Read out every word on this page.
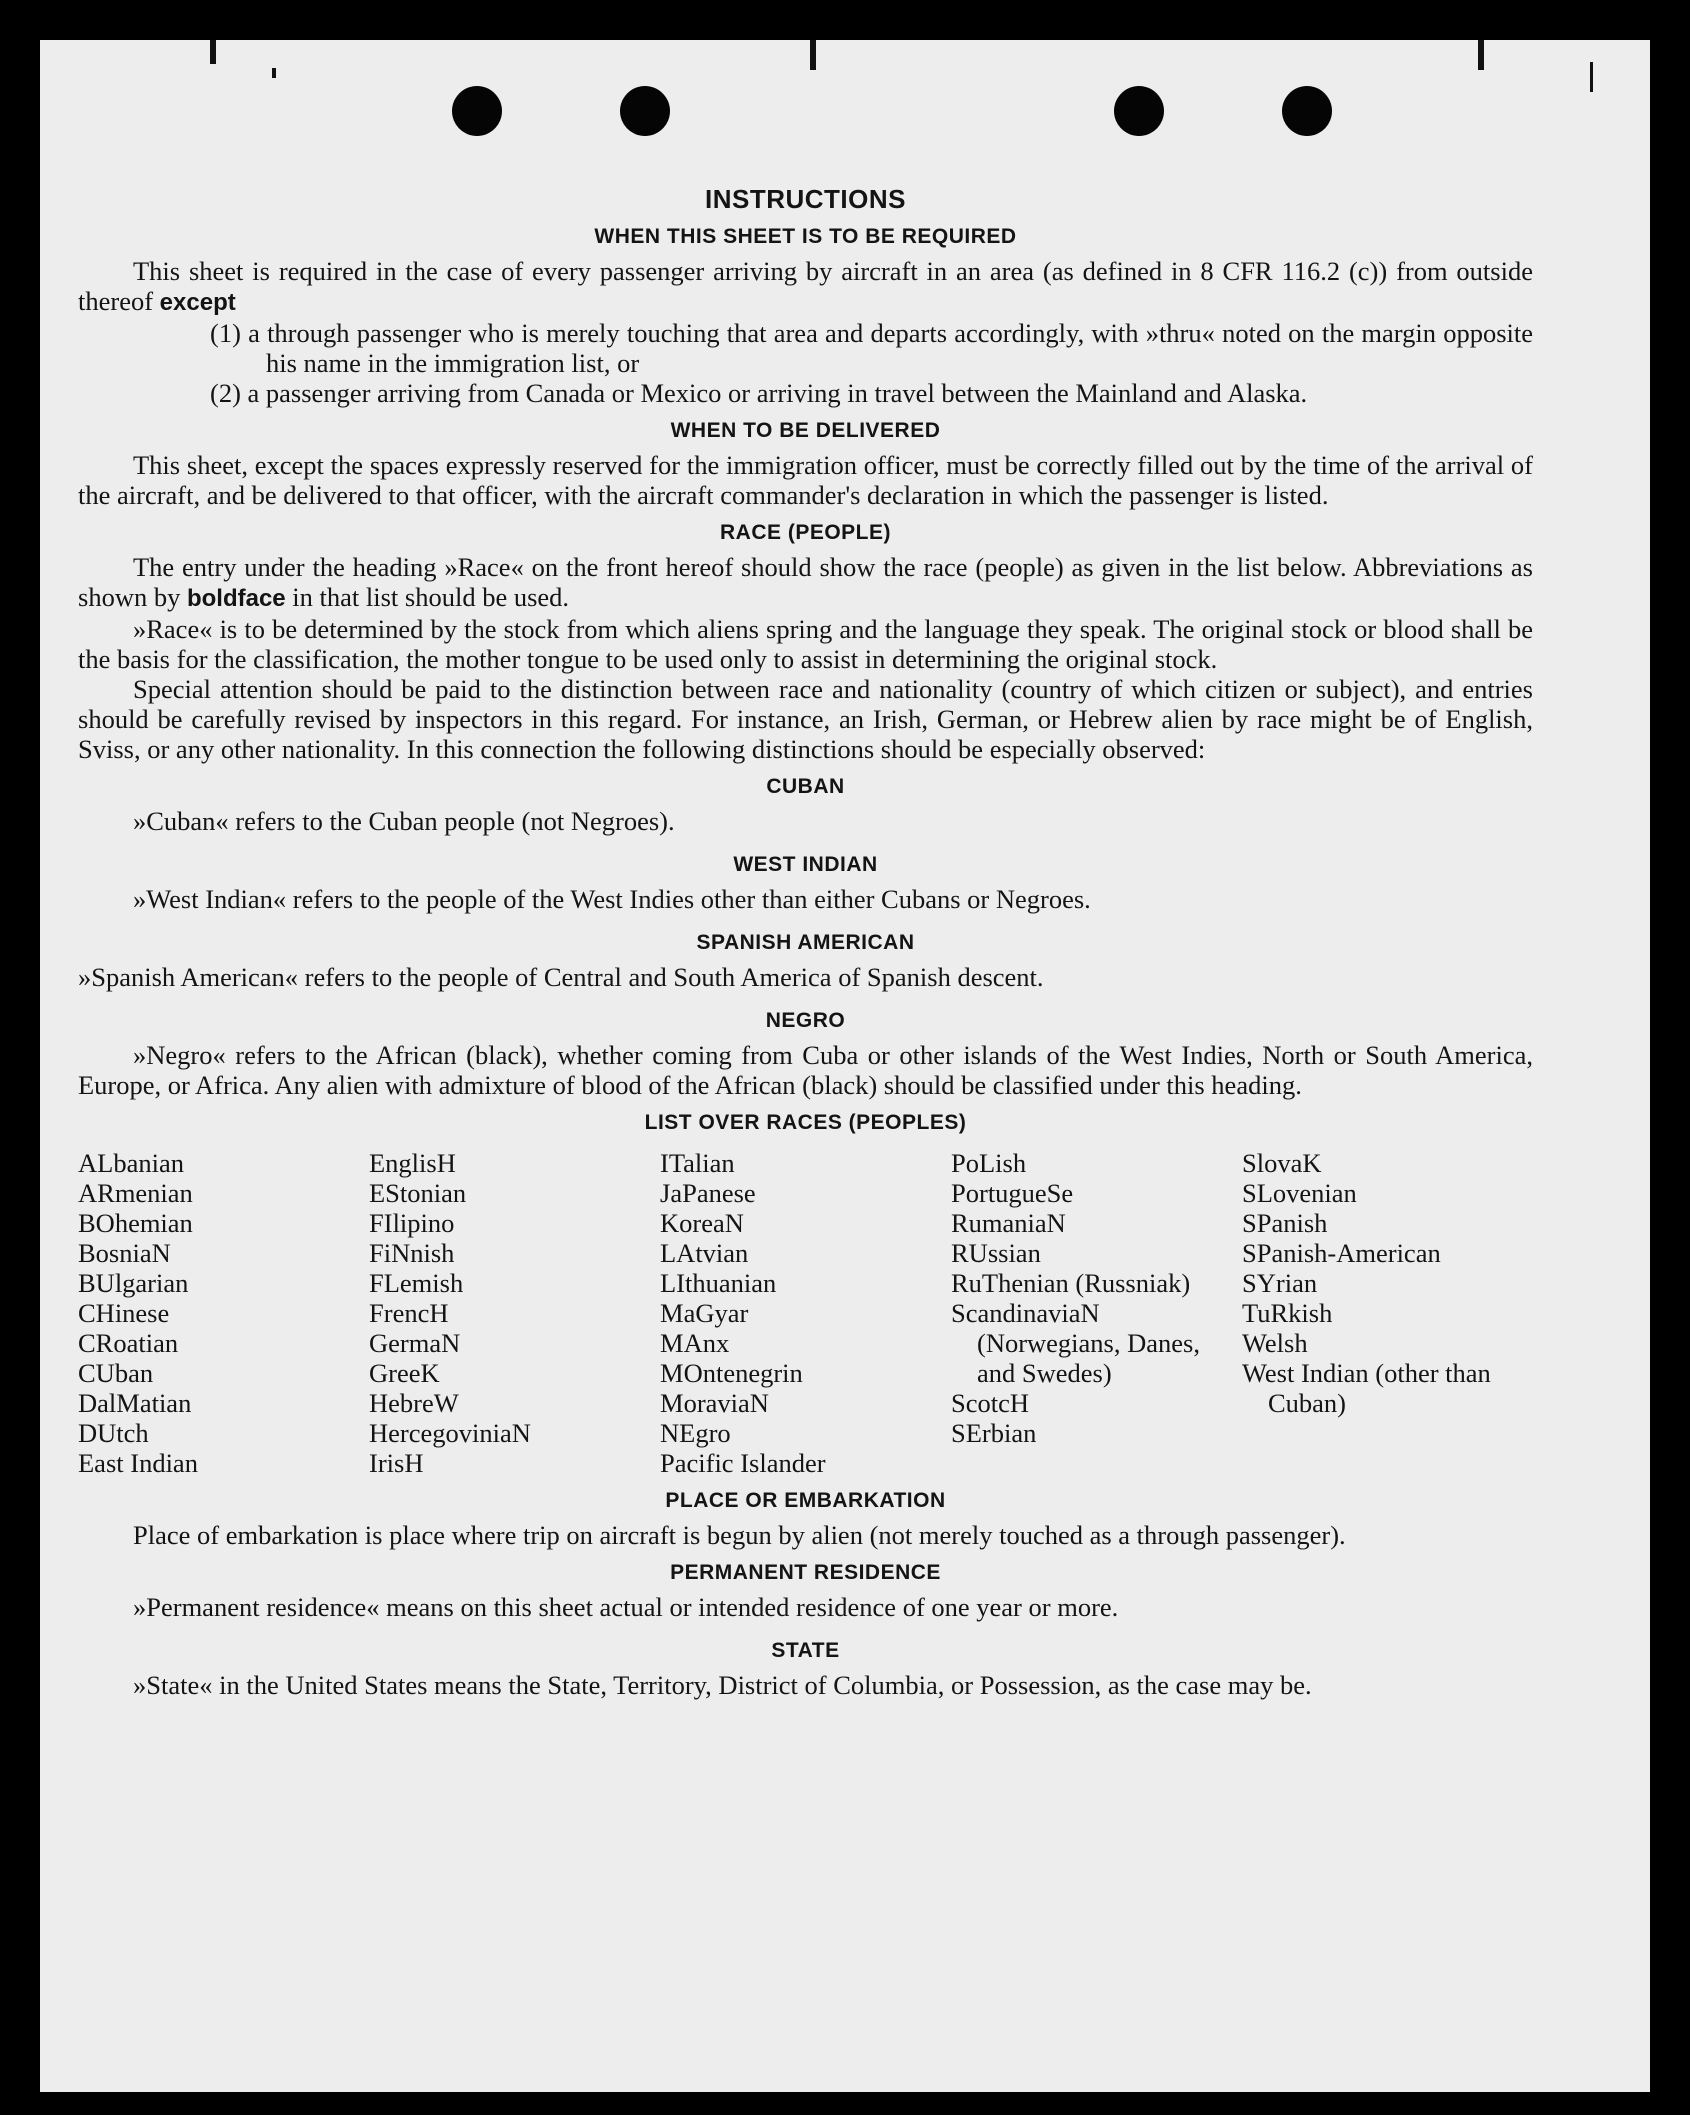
INSTRUCTIONS
WHEN THIS SHEET IS TO BE REQUIRED

This sheet is required in the case of every passenger arriving by aircraft in an area (as defined in 8 CFR 116.2 (c)) from outside thereof except

(1) a through passenger who is merely touching that area and departs accordingly, with »thru« noted on the margin opposite his name in the immigration list, or

(2) a passenger arriving from Canada or Mexico or arriving in travel between the Mainland and Alaska.

WHEN TO BE DELIVERED

This sheet, except the spaces expressly reserved for the immigration officer, must be correctly filled out by the time of the arrival of the aircraft, and be delivered to that officer, with the aircraft commander's declaration in which the passenger is listed.

RACE (PEOPLE)

The entry under the heading »Race« on the front hereof should show the race (people) as given in the list below. Abbreviations as shown by boldface in that list should be used.

»Race« is to be determined by the stock from which aliens spring and the language they speak. The original stock or blood shall be the basis for the classification, the mother tongue to be used only to assist in determining the original stock.

Special attention should be paid to the distinction between race and nationality (country of which citizen or subject), and entries should be carefully revised by inspectors in this regard. For instance, an Irish, German, or Hebrew alien by race might be of English, Sviss, or any other nationality. In this connection the following distinctions should be especially observed:

CUBAN

»Cuban« refers to the Cuban people (not Negroes).

WEST INDIAN

»West Indian« refers to the people of the West Indies other than either Cubans or Negroes.

SPANISH AMERICAN

»Spanish American« refers to the people of Central and South America of Spanish descent.

NEGRO

»Negro« refers to the African (black), whether coming from Cuba or other islands of the West Indies, North or South America, Europe, or Africa. Any alien with admixture of blood of the African (black) should be classified under this heading.

LIST OVER RACES (PEOPLES)
ALbanian
ARmenian
BOhemian
BosniaN
BUlgarian
CHinese
CRoatian
CUban
DalMatian
DUtch
East Indian
EnglisH
EStonian
FIlipino
FiNnish
FLemish
FrencH
GermaN
GreeK
HebreW
HercegoviniaN
IrisH
ITalian
JaPanese
KoreaN
LAtvian
LIthuanian
MaGyar
MAnx
MOntenegrin
MoraviaN
NEgro
Pacific Islander
PoLish
PortugueSe
RumaniaN
RUssian
RuThenian (Russniak)
ScandinaviaN (Norwegians, Danes, and Swedes)
ScotcH
SErbian
SlovaK
SLovenian
SPanish
SPanish-American
SYrian
TuRkish
Welsh
West Indian (other than Cuban)
PLACE OR EMBARKATION

Place of embarkation is place where trip on aircraft is begun by alien (not merely touched as a through passenger).

PERMANENT RESIDENCE

»Permanent residence« means on this sheet actual or intended residence of one year or more.

STATE

»State« in the United States means the State, Territory, District of Columbia, or Possession, as the case may be.
